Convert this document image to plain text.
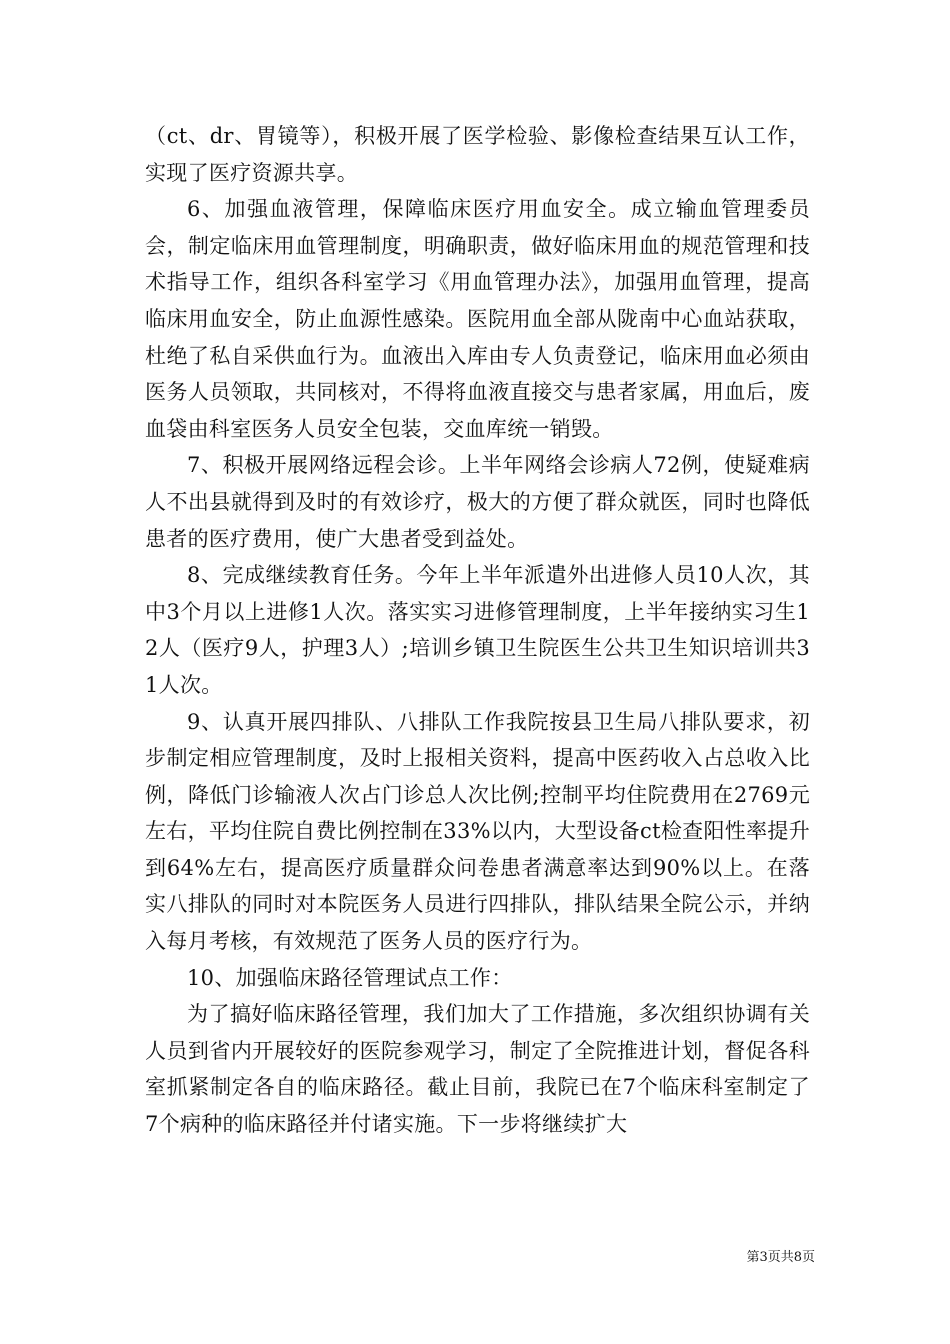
（ct、dr、胃镜等），积极开展了医学检验、影像检查结果互认工作，实现了医疗资源共享。

6、加强血液管理，保障临床医疗用血安全。成立输血管理委员会，制定临床用血管理制度，明确职责，做好临床用血的规范管理和技术指导工作，组织各科室学习《用血管理办法》，加强用血管理，提高临床用血安全，防止血源性感染。医院用血全部从陇南中心血站获取，杜绝了私自采供血行为。血液出入库由专人负责登记，临床用血必须由医务人员领取，共同核对，不得将血液直接交与患者家属，用血后，废血袋由科室医务人员安全包装，交血库统一销毁。

7、积极开展网络远程会诊。上半年网络会诊病人72例，使疑难病人不出县就得到及时的有效诊疗，极大的方便了群众就医，同时也降低患者的医疗费用，使广大患者受到益处。

8、完成继续教育任务。今年上半年派遣外出进修人员10人次，其中3个月以上进修1人次。落实实习进修管理制度，上半年接纳实习生12人（医疗9人，护理3人）;培训乡镇卫生院医生公共卫生知识培训共31人次。

9、认真开展四排队、八排队工作我院按县卫生局八排队要求，初步制定相应管理制度，及时上报相关资料，提高中医药收入占总收入比例，降低门诊输液人次占门诊总人次比例;控制平均住院费用在2769元左右，平均住院自费比例控制在33%以内，大型设备ct检查阳性率提升到64%左右，提高医疗质量群众问卷患者满意率达到90%以上。在落实八排队的同时对本院医务人员进行四排队，排队结果全院公示，并纳入每月考核，有效规范了医务人员的医疗行为。

10、加强临床路径管理试点工作：

为了搞好临床路径管理，我们加大了工作措施，多次组织协调有关人员到省内开展较好的医院参观学习，制定了全院推进计划，督促各科室抓紧制定各自的临床路径。截止目前，我院已在7个临床科室制定了7个病种的临床路径并付诸实施。下一步将继续扩大

第3页共8页
